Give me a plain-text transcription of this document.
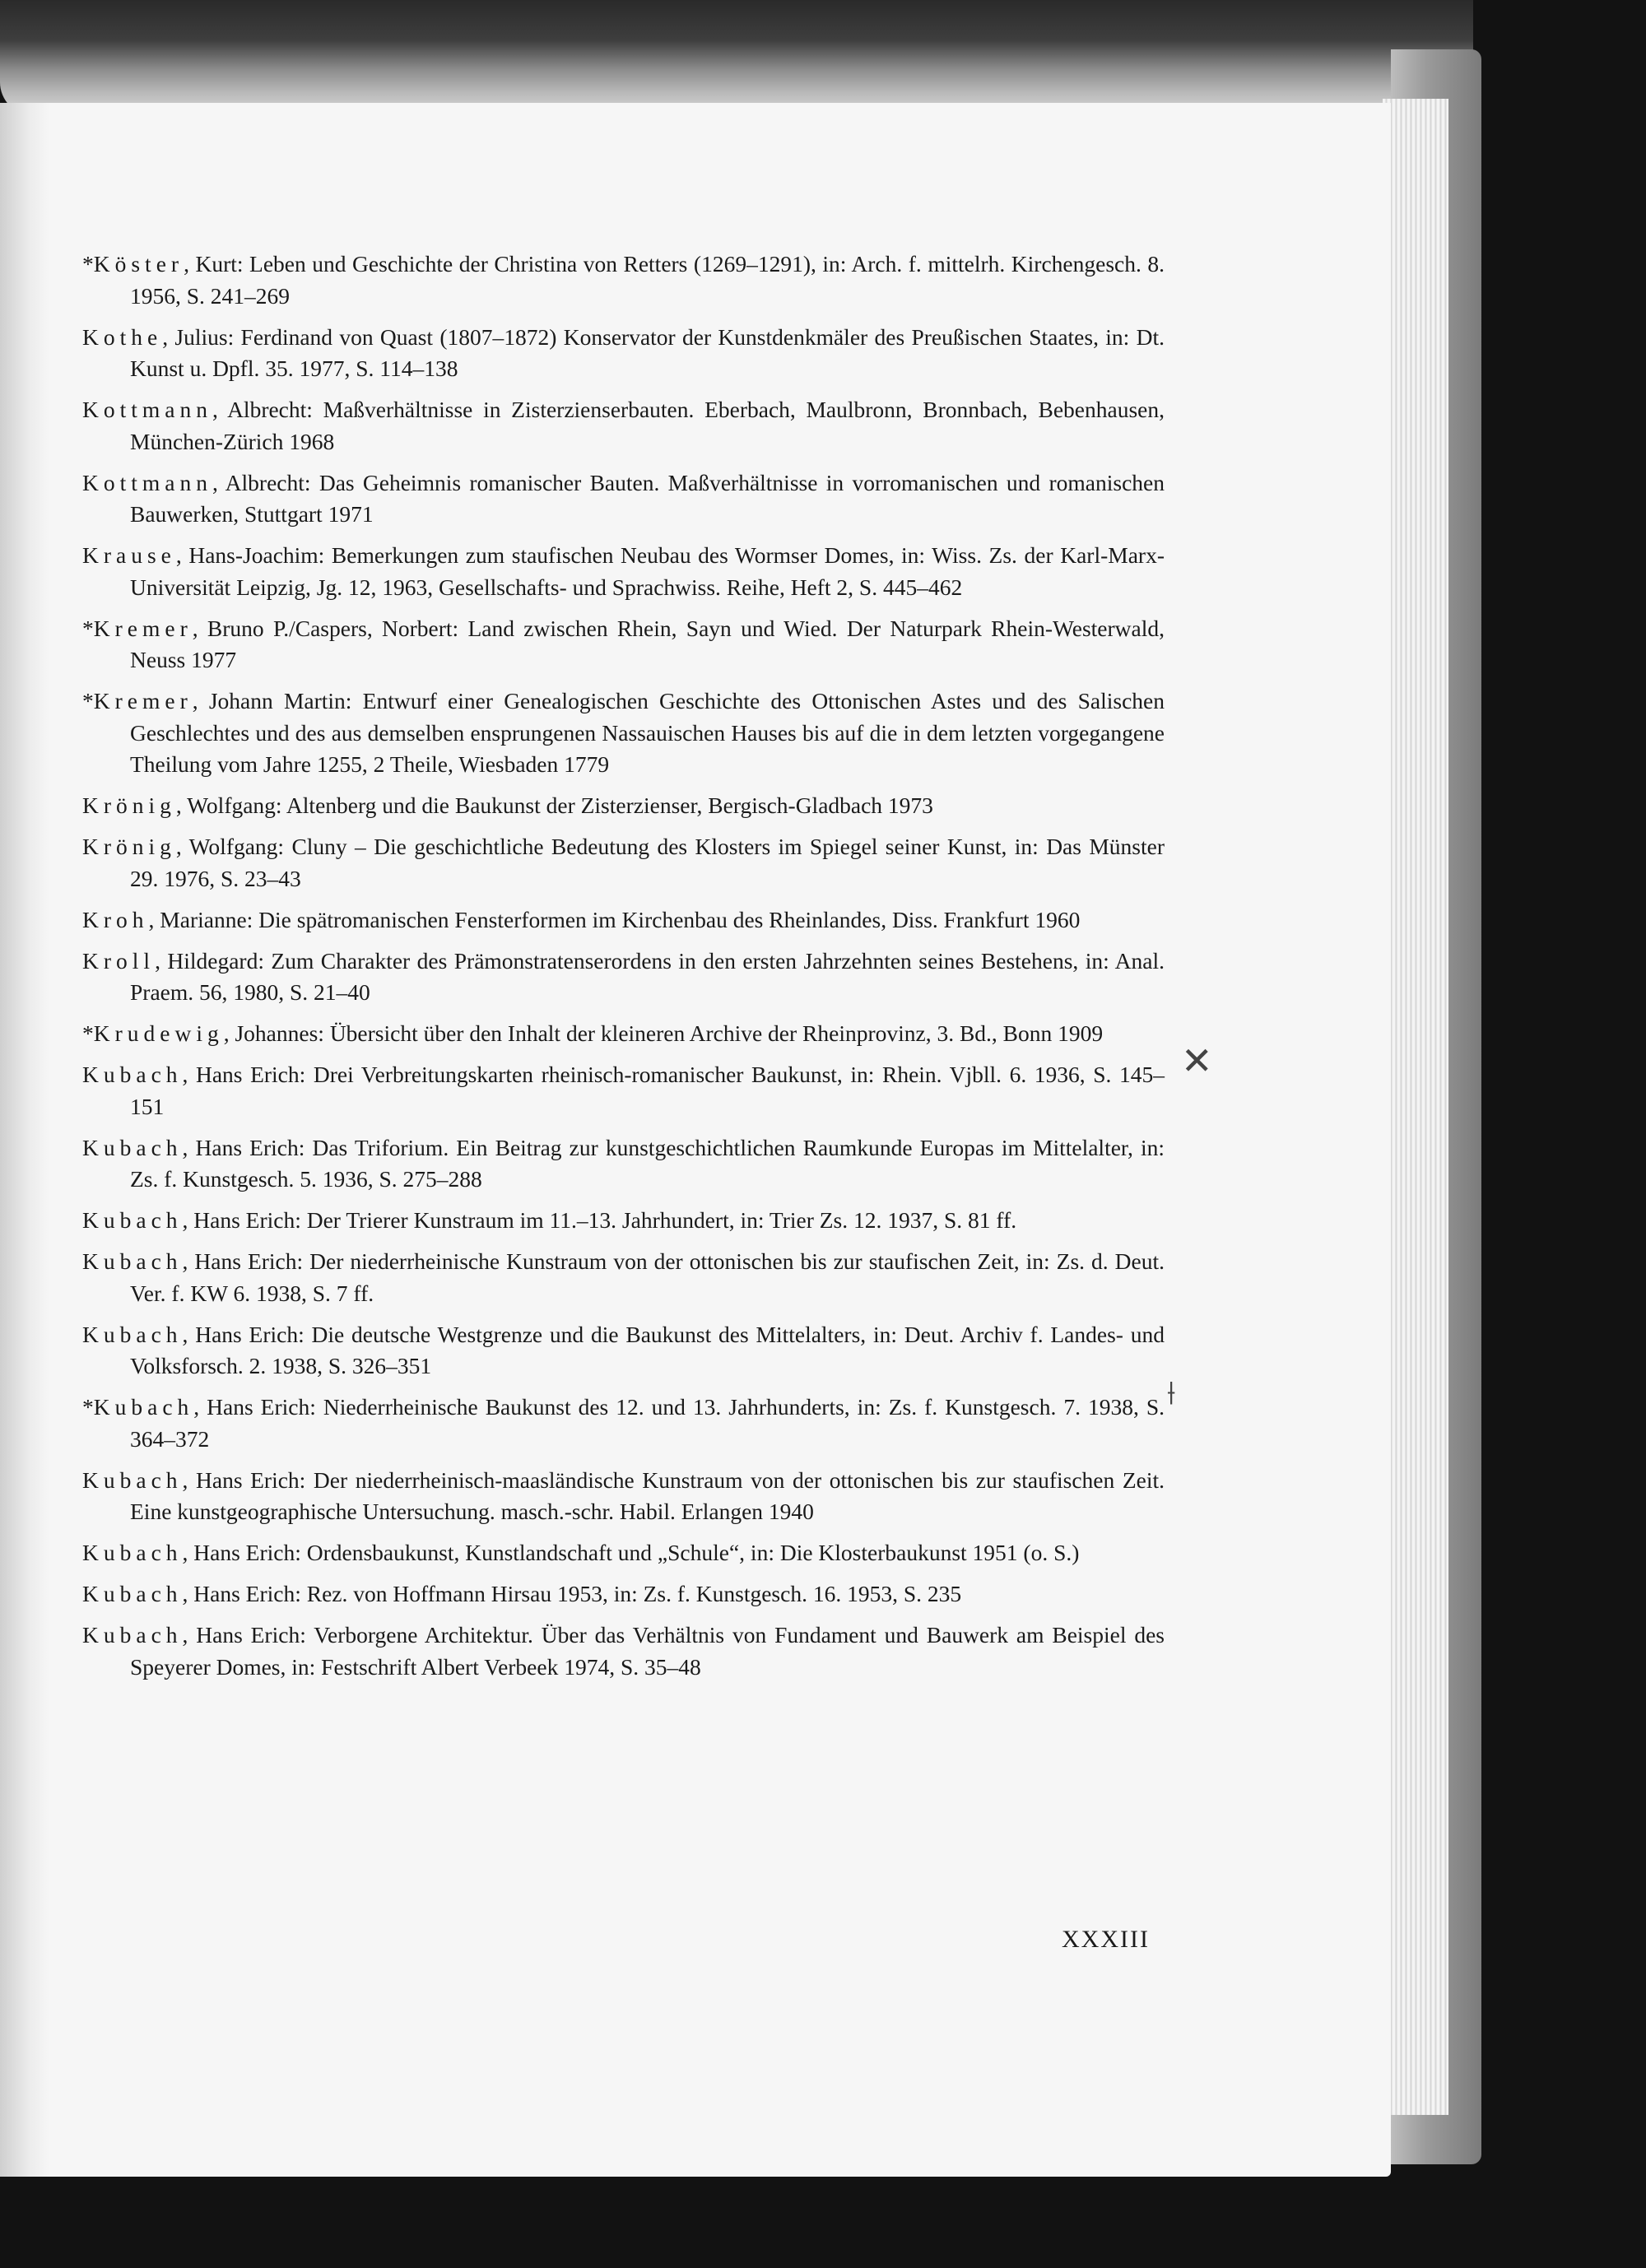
*Köster, Kurt: Leben und Geschichte der Christina von Retters (1269–1291), in: Arch. f. mittelrh. Kirchengesch. 8. 1956, S. 241–269

Kothe, Julius: Ferdinand von Quast (1807–1872) Konservator der Kunstdenkmäler des Preußischen Staates, in: Dt. Kunst u. Dpfl. 35. 1977, S. 114–138

Kottmann, Albrecht: Maßverhältnisse in Zisterzienserbauten. Eberbach, Maulbronn, Bronnbach, Bebenhausen, München-Zürich 1968

Kottmann, Albrecht: Das Geheimnis romanischer Bauten. Maßverhältnisse in vorromanischen und romanischen Bauwerken, Stuttgart 1971

Krause, Hans-Joachim: Bemerkungen zum staufischen Neubau des Wormser Domes, in: Wiss. Zs. der Karl-Marx-Universität Leipzig, Jg. 12, 1963, Gesellschafts- und Sprachwiss. Reihe, Heft 2, S. 445–462

*Kremer, Bruno P./Caspers, Norbert: Land zwischen Rhein, Sayn und Wied. Der Naturpark Rhein-Westerwald, Neuss 1977

*Kremer, Johann Martin: Entwurf einer Genealogischen Geschichte des Ottonischen Astes und des Salischen Geschlechtes und des aus demselben ensprungenen Nassauischen Hauses bis auf die in dem letzten vorgegangene Theilung vom Jahre 1255, 2 Theile, Wiesbaden 1779

Krönig, Wolfgang: Altenberg und die Baukunst der Zisterzienser, Bergisch-Gladbach 1973

Krönig, Wolfgang: Cluny – Die geschichtliche Bedeutung des Klosters im Spiegel seiner Kunst, in: Das Münster 29. 1976, S. 23–43

Kroh, Marianne: Die spätromanischen Fensterformen im Kirchenbau des Rheinlandes, Diss. Frankfurt 1960

Kroll, Hildegard: Zum Charakter des Prämonstratenserordens in den ersten Jahrzehnten seines Bestehens, in: Anal. Praem. 56, 1980, S. 21–40

*Krudewig, Johannes: Übersicht über den Inhalt der kleineren Archive der Rheinprovinz, 3. Bd., Bonn 1909

Kubach, Hans Erich: Drei Verbreitungskarten rheinisch-romanischer Baukunst, in: Rhein. Vjbll. 6. 1936, S. 145–151

Kubach, Hans Erich: Das Triforium. Ein Beitrag zur kunstgeschichtlichen Raumkunde Europas im Mittelalter, in: Zs. f. Kunstgesch. 5. 1936, S. 275–288

Kubach, Hans Erich: Der Trierer Kunstraum im 11.–13. Jahrhundert, in: Trier Zs. 12. 1937, S. 81 ff.

Kubach, Hans Erich: Der niederrheinische Kunstraum von der ottonischen bis zur staufischen Zeit, in: Zs. d. Deut. Ver. f. KW 6. 1938, S. 7 ff.

Kubach, Hans Erich: Die deutsche Westgrenze und die Baukunst des Mittelalters, in: Deut. Archiv f. Landes- und Volksforsch. 2. 1938, S. 326–351

*Kubach, Hans Erich: Niederrheinische Baukunst des 12. und 13. Jahrhunderts, in: Zs. f. Kunstgesch. 7. 1938, S. 364–372

Kubach, Hans Erich: Der niederrheinisch-maasländische Kunstraum von der ottonischen bis zur staufischen Zeit. Eine kunstgeographische Untersuchung. masch.-schr. Habil. Erlangen 1940

Kubach, Hans Erich: Ordensbaukunst, Kunstlandschaft und „Schule“, in: Die Klosterbaukunst 1951 (o. S.)

Kubach, Hans Erich: Rez. von Hoffmann Hirsau 1953, in: Zs. f. Kunstgesch. 16. 1953, S. 235

Kubach, Hans Erich: Verborgene Architektur. Über das Verhältnis von Fundament und Bauwerk am Beispiel des Speyerer Domes, in: Festschrift Albert Verbeek 1974, S. 35–48

✕
⟊
XXXIII
